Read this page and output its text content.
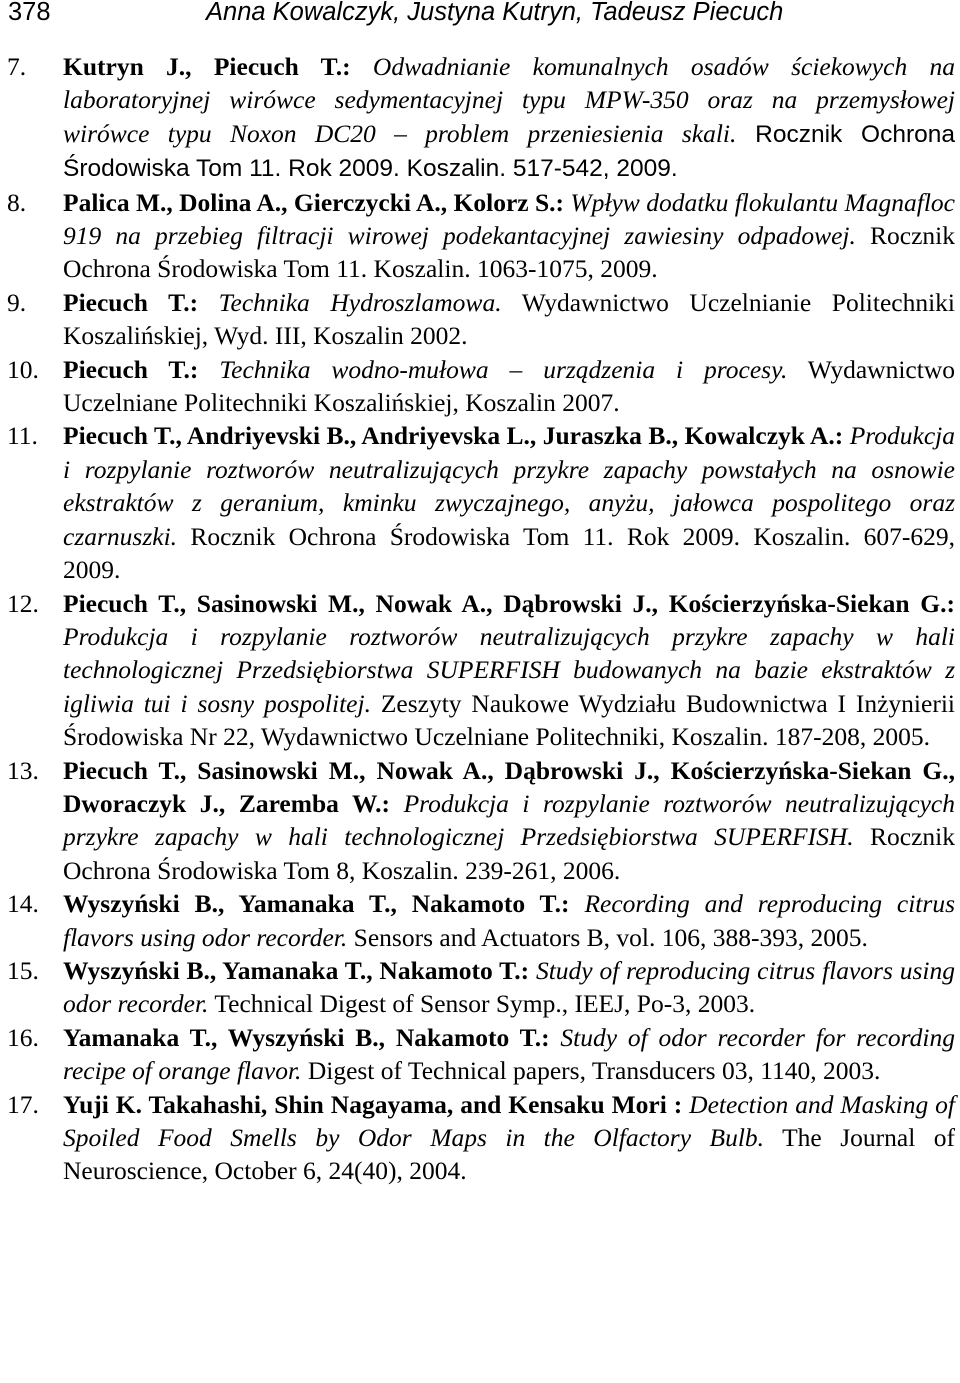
378	Anna Kowalczyk, Justyna Kutryn, Tadeusz Piecuch
7. Kutryn J., Piecuch T.: Odwadnianie komunalnych osadów ściekowych na laboratoryjnej wirówce sedymentacyjnej typu MPW-350 oraz na przemysłowej wirówce typu Noxon DC20 – problem przeniesienia skali. Rocznik Ochrona Środowiska Tom 11. Rok 2009. Koszalin. 517-542, 2009.
8. Palica M., Dolina A., Gierczycki A., Kolorz S.: Wpływ dodatku flokulantu Magnafloc 919 na przebieg filtracji wirowej podekantacyjnej zawiesiny odpadowej. Rocznik Ochrona Środowiska Tom 11. Koszalin. 1063-1075, 2009.
9. Piecuch T.: Technika Hydroszlamowa. Wydawnictwo Uczelnianie Politechniki Koszalińskiej, Wyd. III, Koszalin 2002.
10. Piecuch T.: Technika wodno-mułowa – urządzenia i procesy. Wydawnictwo Uczelniane Politechniki Koszalińskiej, Koszalin 2007.
11. Piecuch T., Andriyevski B., Andriyevska L., Juraszka B., Kowalczyk A.: Produkcja i rozpylanie roztworów neutralizujących przykre zapachy powstałych na osnowie ekstraktów z geranium, kminku zwyczajnego, anyżu, jałowca pospolitego oraz czarnuszki. Rocznik Ochrona Środowiska Tom 11. Rok 2009. Koszalin. 607-629, 2009.
12. Piecuch T., Sasinowski M., Nowak A., Dąbrowski J., Kościerzyńska-Siekan G.: Produkcja i rozpylanie roztworów neutralizujących przykre zapachy w hali technologicznej Przedsiębiorstwa SUPERFISH budowanych na bazie ekstraktów z igliwia tui i sosny pospolitej. Zeszyty Naukowe Wydziału Budownictwa I Inżynierii Środowiska Nr 22, Wydawnictwo Uczelniane Politechniki, Koszalin. 187-208, 2005.
13. Piecuch T., Sasinowski M., Nowak A., Dąbrowski J., Kościerzyńska-Siekan G., Dworaczyk J., Zaremba W.: Produkcja i rozpylanie roztworów neutralizujących przykre zapachy w hali technologicznej Przedsiębiorstwa SUPERFISH. Rocznik Ochrona Środowiska Tom 8, Koszalin. 239-261, 2006.
14. Wyszyński B., Yamanaka T., Nakamoto T.: Recording and reproducing citrus flavors using odor recorder. Sensors and Actuators B, vol. 106, 388-393, 2005.
15. Wyszyński B., Yamanaka T., Nakamoto T.: Study of reproducing citrus flavors using odor recorder. Technical Digest of Sensor Symp., IEEJ, Po-3, 2003.
16. Yamanaka T., Wyszyński B., Nakamoto T.: Study of odor recorder for recording recipe of orange flavor. Digest of Technical papers, Transducers 03, 1140, 2003.
17. Yuji K. Takahashi, Shin Nagayama, and Kensaku Mori : Detection and Masking of Spoiled Food Smells by Odor Maps in the Olfactory Bulb. The Journal of Neuroscience, October 6, 24(40), 2004.
